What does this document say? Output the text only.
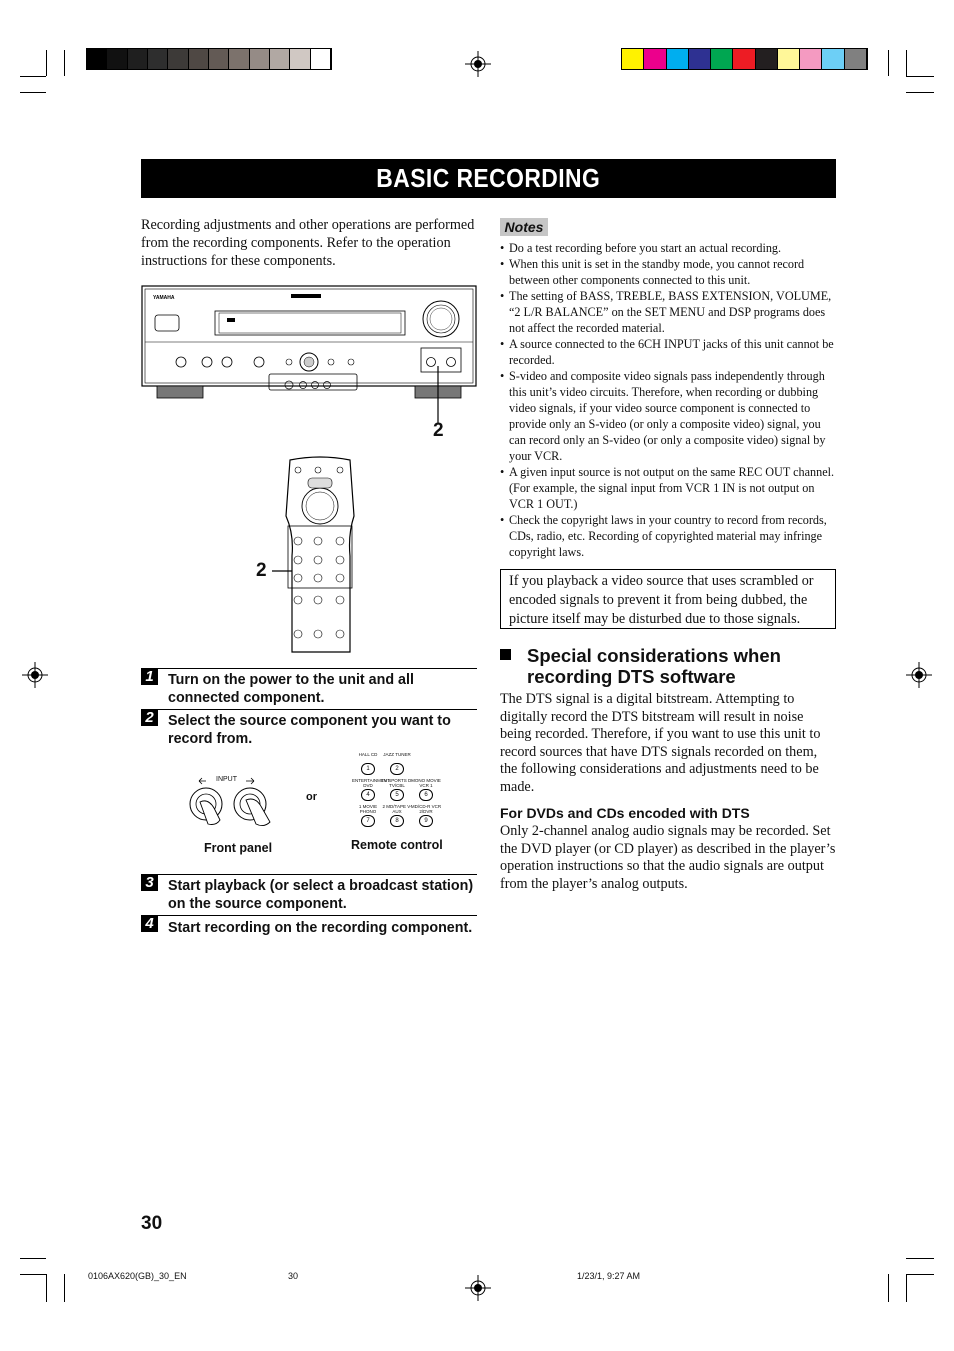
BASIC RECORDING
Recording adjustments and other operations are performed from the recording components. Refer to the operation instructions for these components.
YAMAHA
2
2
1	Turn on the power to the unit and all connected component.
2	Select the source component you want to record from.
INPUT
or
HALL CD
1
JAZZ TUNER
2
ENTERTAINMENT DVD
4
TV SPORTS D-TV/CBL
5
MONO MOVIE VCR 1
6
1 MOVIE PHONO
7
2 MD/TAPE V-AUX
8
MD/CD-R VCR 2/DVR
9
Front panel	Remote control
3	Start playback (or select a broadcast station) on the source component.
4	Start recording on the recording component.
Notes
• Do a test recording before you start an actual recording.
• When this unit is set in the standby mode, you cannot record between other components connected to this unit.
• The setting of BASS, TREBLE, BASS EXTENSION, VOLUME, “2 L/R BALANCE” on the SET MENU and DSP programs does not affect the recorded material.
• A source connected to the 6CH INPUT jacks of this unit cannot be recorded.
• S-video and composite video signals pass independently through this unit’s video circuits. Therefore, when recording or dubbing video signals, if your video source component is connected to provide only an S-video (or only a composite video) signal, you can record only an S-video (or only a composite video) signal by your VCR.
• A given input source is not output on the same REC OUT channel. (For example, the signal input from VCR 1 IN is not output on VCR 1 OUT.)
• Check the copyright laws in your country to record from records, CDs, radio, etc. Recording of copyrighted material may infringe copyright laws.
If you playback a video source that uses scrambled or encoded signals to prevent it from being dubbed, the picture itself may be disturbed due to those signals.
Special considerations when recording DTS software
The DTS signal is a digital bitstream. Attempting to digitally record the DTS bitstream will result in noise being recorded. Therefore, if you want to use this unit to record sources that have DTS signals recorded on them, the following considerations and adjustments need to be made.
For DVDs and CDs encoded with DTS
Only 2-channel analog audio signals may be recorded. Set the DVD player (or CD player) as described in the player’s operation instructions so that the audio signals are output from the player’s analog outputs.
30
0106AX620(GB)_30_EN	30	1/23/1, 9:27 AM
